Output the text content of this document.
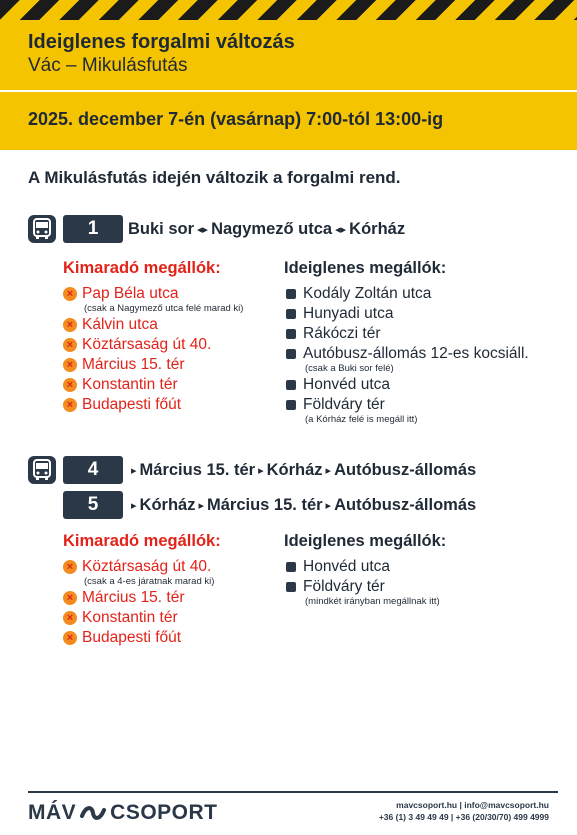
Ideiglenes forgalmi változás
Vác – Mikulásfutás
2025. december 7-én (vasárnap) 7:00-tól 13:00-ig
A Mikulásfutás idején változik a forgalmi rend.
1	Buki sor ◂▸ Nagymező utca ◂▸ Kórház
Kimaradó megállók:	Ideiglenes megállók:
× Pap Béla utca
(csak a Nagymező utca felé marad ki)
× Kálvin utca
× Köztársaság út 40.
× Március 15. tér
× Konstantin tér
× Budapesti főút
Kodály Zoltán utca
Hunyadi utca
Rákóczi tér
Autóbusz-állomás 12-es kocsiáll.
(csak a Buki sor felé)
Honvéd utca
Földváry tér
(a Kórház felé is megáll itt)
4	▸ Március 15. tér ▸ Kórház ▸ Autóbusz-állomás
5	▸ Kórház ▸ Március 15. tér ▸ Autóbusz-állomás
Kimaradó megállók:	Ideiglenes megállók:
× Köztársaság út 40.
(csak a 4-es járatnak marad ki)
× Március 15. tér
× Konstantin tér
× Budapesti főút
Honvéd utca
Földváry tér
(mindkét irányban megállnak itt)
MÁV CSOPORT	mavcsoport.hu | info@mavcsoport.hu
+36 (1) 3 49 49 49 | +36 (20/30/70) 499 4999
